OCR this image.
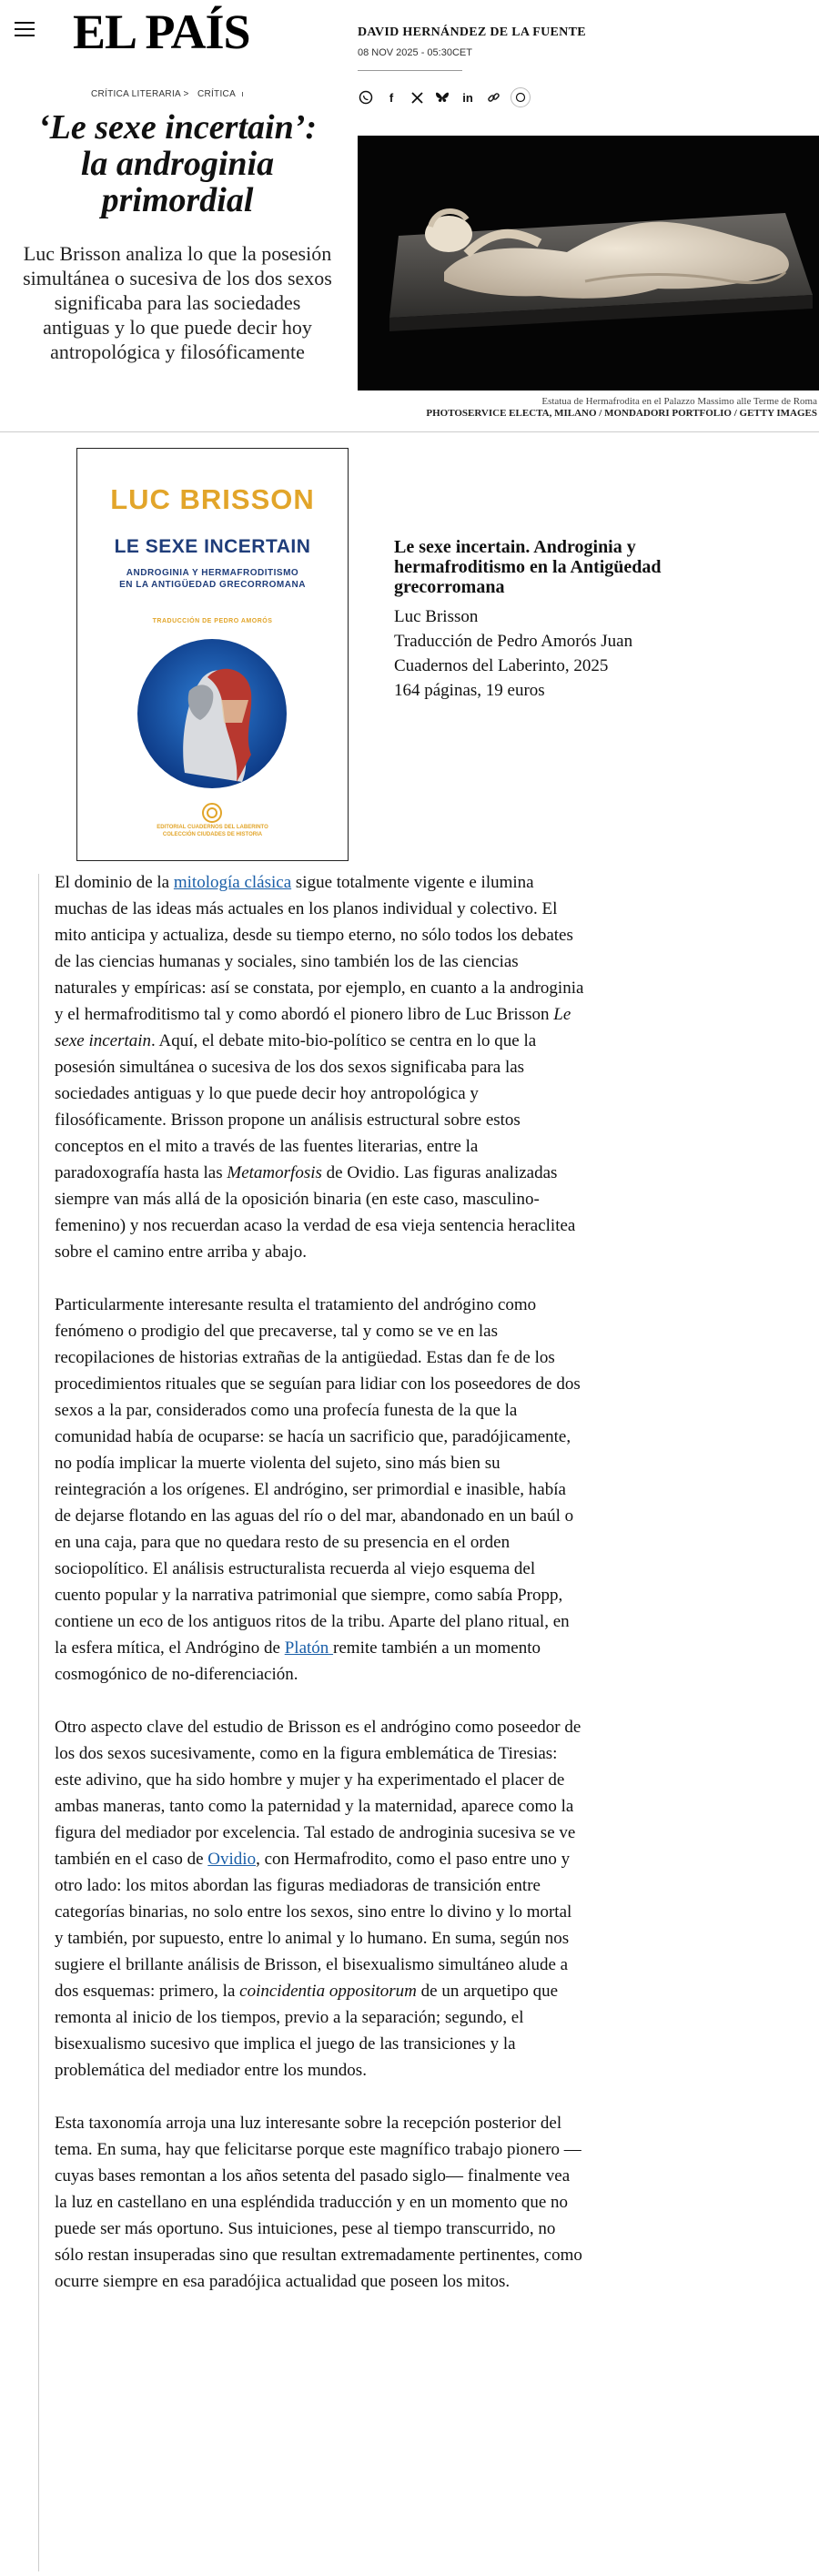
EL PAÍS	DAVID HERNÁNDEZ DE LA FUENTE
08 NOV 2025 - 05:30CET
f	in
CRÍTICA LITERARIA > CRÍTICA ı
‘Le sexe incertain’:
la androginia
primordial
Luc Brisson analiza lo que la posesión simultánea o sucesiva de los dos sexos significaba para las sociedades antiguas y lo que puede decir hoy antropológica y filosóficamente
Estatua de Hermafrodita en el Palazzo Massimo alle Terme de Roma
PHOTOSERVICE ELECTA, MILANO / MONDADORI PORTFOLIO / GETTY IMAGES
LUC BRISSON
LE SEXE INCERTAIN
ANDROGINIA Y HERMAFRODITISMO
EN LA ANTIGÜEDAD GRECORROMANA
TRADUCCIÓN DE PEDRO AMORÓS
EDITORIAL CUADERNOS DEL LABERINTO
COLECCIÓN CIUDADES DE HISTORIA
Le sexe incertain. Androginia y hermafroditismo en la Antigüedad grecorromana
Luc Brisson
Traducción de Pedro Amorós Juan
Cuadernos del Laberinto, 2025
164 páginas, 19 euros

El dominio de la mitología clásica sigue totalmente vigente e ilumina muchas de las ideas más actuales en los planos individual y colectivo. El mito anticipa y actualiza, desde su tiempo eterno, no sólo todos los debates de las ciencias humanas y sociales, sino también los de las ciencias naturales y empíricas: así se constata, por ejemplo, en cuanto a la androginia y el hermafroditismo tal y como abordó el pionero libro de Luc Brisson Le sexe incertain. Aquí, el debate mito-bio-político se centra en lo que la posesión simultánea o sucesiva de los dos sexos significaba para las sociedades antiguas y lo que puede decir hoy antropológica y filosóficamente. Brisson propone un análisis estructural sobre estos conceptos en el mito a través de las fuentes literarias, entre la paradoxografía hasta las Metamorfosis de Ovidio. Las figuras analizadas siempre van más allá de la oposición binaria (en este caso, masculino-femenino) y nos recuerdan acaso la verdad de esa vieja sentencia heraclitea sobre el camino entre arriba y abajo.

Particularmente interesante resulta el tratamiento del andrógino como fenómeno o prodigio del que precaverse, tal y como se ve en las recopilaciones de historias extrañas de la antigüedad. Estas dan fe de los procedimientos rituales que se seguían para lidiar con los poseedores de dos sexos a la par, considerados como una profecía funesta de la que la comunidad había de ocuparse: se hacía un sacrificio que, paradójicamente, no podía implicar la muerte violenta del sujeto, sino más bien su reintegración a los orígenes. El andrógino, ser primordial e inasible, había de dejarse flotando en las aguas del río o del mar, abandonado en un baúl o en una caja, para que no quedara resto de su presencia en el orden sociopolítico. El análisis estructuralista recuerda al viejo esquema del cuento popular y la narrativa patrimonial que siempre, como sabía Propp, contiene un eco de los antiguos ritos de la tribu. Aparte del plano ritual, en la esfera mítica, el Andrógino de Platón remite también a un momento cosmogónico de no-diferenciación.

Otro aspecto clave del estudio de Brisson es el andrógino como poseedor de los dos sexos sucesivamente, como en la figura emblemática de Tiresias: este adivino, que ha sido hombre y mujer y ha experimentado el placer de ambas maneras, tanto como la paternidad y la maternidad, aparece como la figura del mediador por excelencia. Tal estado de androginia sucesiva se ve también en el caso de Ovidio, con Hermafrodito, como el paso entre uno y otro lado: los mitos abordan las figuras mediadoras de transición entre categorías binarias, no solo entre los sexos, sino entre lo divino y lo mortal y también, por supuesto, entre lo animal y lo humano. En suma, según nos sugiere el brillante análisis de Brisson, el bisexualismo simultáneo alude a dos esquemas: primero, la coincidentia oppositorum de un arquetipo que remonta al inicio de los tiempos, previo a la separación; segundo, el bisexualismo sucesivo que implica el juego de las transiciones y la problemática del mediador entre los mundos.

Esta taxonomía arroja una luz interesante sobre la recepción posterior del tema. En suma, hay que felicitarse porque este magnífico trabajo pionero —cuyas bases remontan a los años setenta del pasado siglo— finalmente vea la luz en castellano en una espléndida traducción y en un momento que no puede ser más oportuno. Sus intuiciones, pese al tiempo transcurrido, no sólo restan insuperadas sino que resultan extremadamente pertinentes, como ocurre siempre en esa paradójica actualidad que poseen los mitos.
